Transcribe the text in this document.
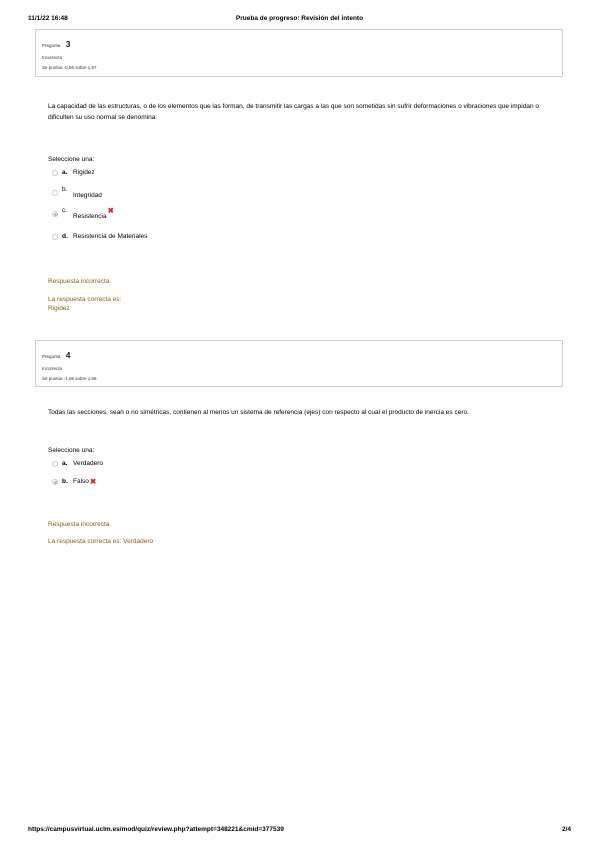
11/1/22 16:48	Prueba de progreso: Revisión del intento
Pregunta 3
Incorrecta
Se puntúa -0,56 sobre 1,67
La capacidad de las estructuras, o de los elementos que las forman, de transmitir las cargas a las que son sometidas sin sufrir deformaciones o vibraciones que impidan o dificulten su uso normal se denomina:
Seleccione una:
a. Rigidez
b.
Integridad
c.
Resistencia
✖
d. Resistencia de Materiales
Respuesta incorrecta.
La respuesta correcta es:
Rigidez
Pregunta 4
Incorrecta
Se puntúa -1,66 sobre 1,66
Todas las secciones, sean o no simétricas, contienen al menos un sistema de referencia (ejes) con respecto al cual el producto de inercia es cero.
Seleccione una:
a. Verdadero
b. Falso ✖
Respuesta incorrecta.
La respuesta correcta es: Verdadero
https://campusvirtual.uclm.es/mod/quiz/review.php?attempt=348221&cmid=377539	2/4
